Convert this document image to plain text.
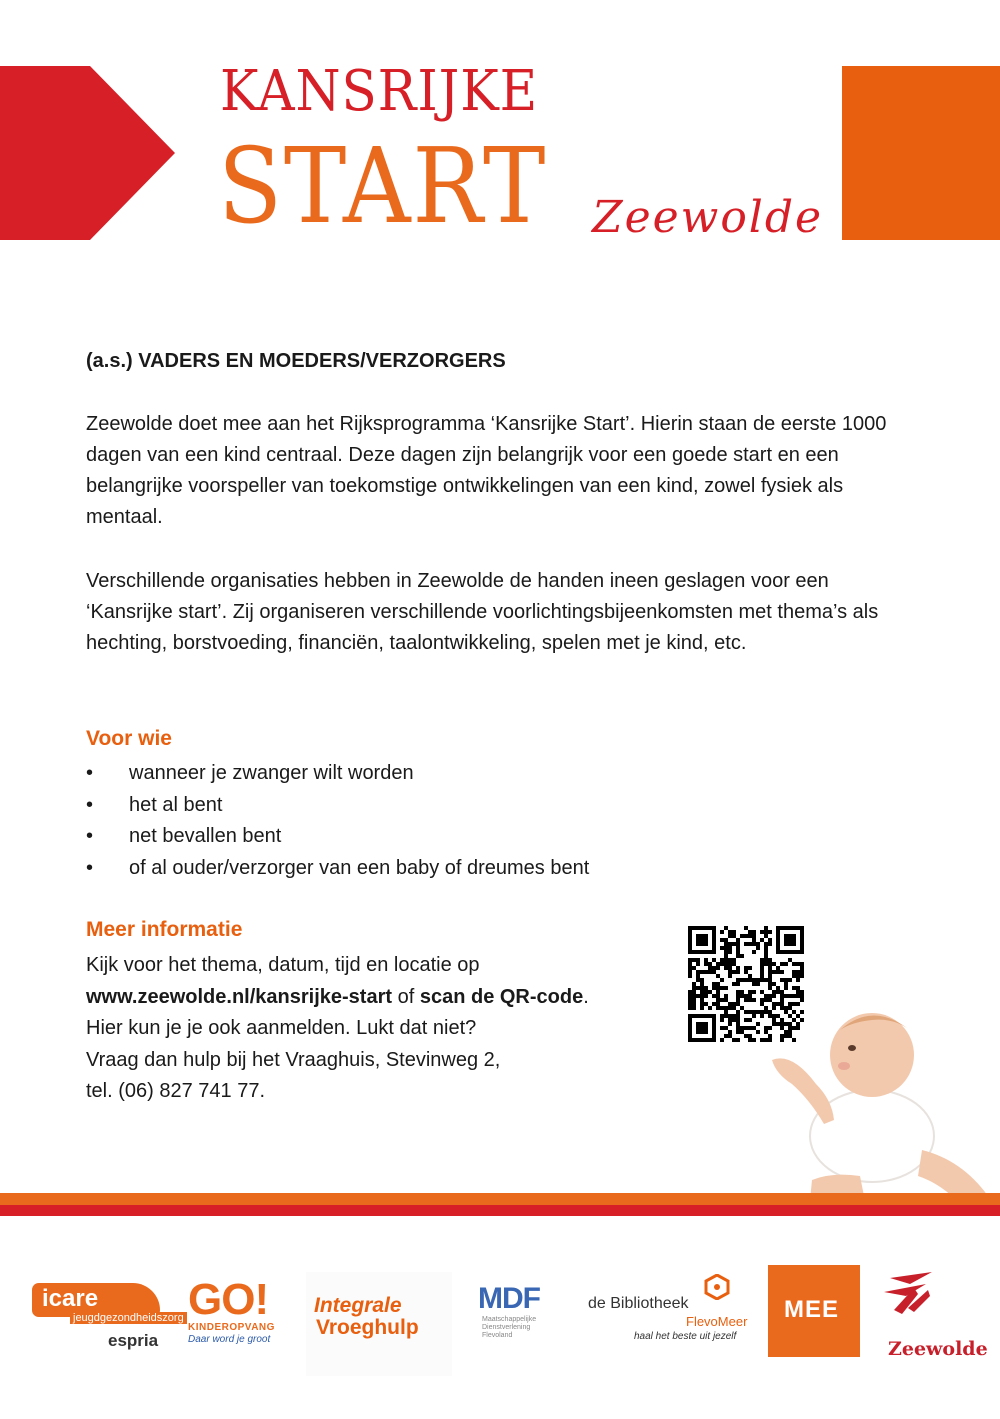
KANSRIJKE
START Zeewolde
(a.s.) VADERS EN MOEDERS/VERZORGERS
Zeewolde doet mee aan het Rijksprogramma ‘Kansrijke Start’. Hierin staan de eerste 1000 dagen van een kind centraal. Deze dagen zijn belangrijk voor een goede start en een belangrijke voorspeller van toekomstige ontwikkelingen van een kind, zowel fysiek als mentaal.
Verschillende organisaties hebben in Zeewolde de handen ineen geslagen voor een ‘Kansrijke start’. Zij organiseren verschillende voorlichtingsbijeenkomsten met thema’s als hechting, borstvoeding, financiën, taalontwikkeling, spelen met je kind, etc.
Voor wie
• wanneer je zwanger wilt worden
• het al bent
• net bevallen bent
• of al ouder/verzorger van een baby of dreumes bent
Meer informatie
Kijk voor het thema, datum, tijd en locatie op
www.zeewolde.nl/kansrijke-start of scan de QR-code.
Hier kun je je ook aanmelden. Lukt dat niet?
Vraag dan hulp bij het Vraaghuis, Stevinweg 2,
tel. (06) 827 741 77.
icare
jeugdgezondheidszorg
espria
GO!
KINDEROPVANG
Daar word je groot
Integrale
Vroeghulp
MDF
Maatschappelijke Dienstverlening Flevoland
de Bibliotheek
FlevoMeer
haal het beste uit jezelf
MEE
Zeewolde
